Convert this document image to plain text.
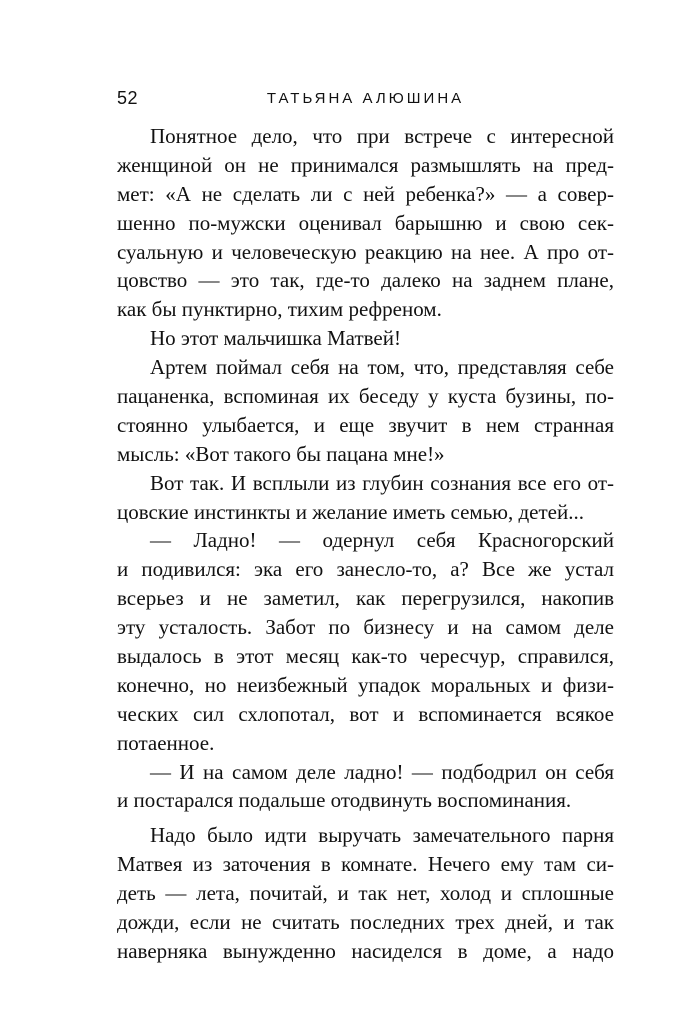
52	ТАТЬЯНА АЛЮШИНА
Понятное дело, что при встрече с интересной
женщиной он не принимался размышлять на пред-
мет: «А не сделать ли с ней ребенка?» — а совер-
шенно по-мужски оценивал барышню и свою сек-
суальную и человеческую реакцию на нее. А про от-
цовство — это так, где-то далеко на заднем плане,
как бы пунктирно, тихим рефреном.
Но этот мальчишка Матвей!
Артем поймал себя на том, что, представляя себе
пацаненка, вспоминая их беседу у куста бузины, по-
стоянно улыбается, и еще звучит в нем странная
мысль: «Вот такого бы пацана мне!»
Вот так. И всплыли из глубин сознания все его от-
цовские инстинкты и желание иметь семью, детей...
— Ладно! — одернул себя Красногорский
и подивился: эка его занесло-то, а? Все же устал
всерьез и не заметил, как перегрузился, накопив
эту усталость. Забот по бизнесу и на самом деле
выдалось в этот месяц как-то чересчур, справился,
конечно, но неизбежный упадок моральных и физи-
ческих сил схлопотал, вот и вспоминается всякое
потаенное.
— И на самом деле ладно! — подбодрил он себя
и постарался подальше отодвинуть воспоминания.
Надо было идти выручать замечательного парня
Матвея из заточения в комнате. Нечего ему там си-
деть — лета, почитай, и так нет, холод и сплошные
дожди, если не считать последних трех дней, и так
наверняка вынужденно насиделся в доме, а надо
